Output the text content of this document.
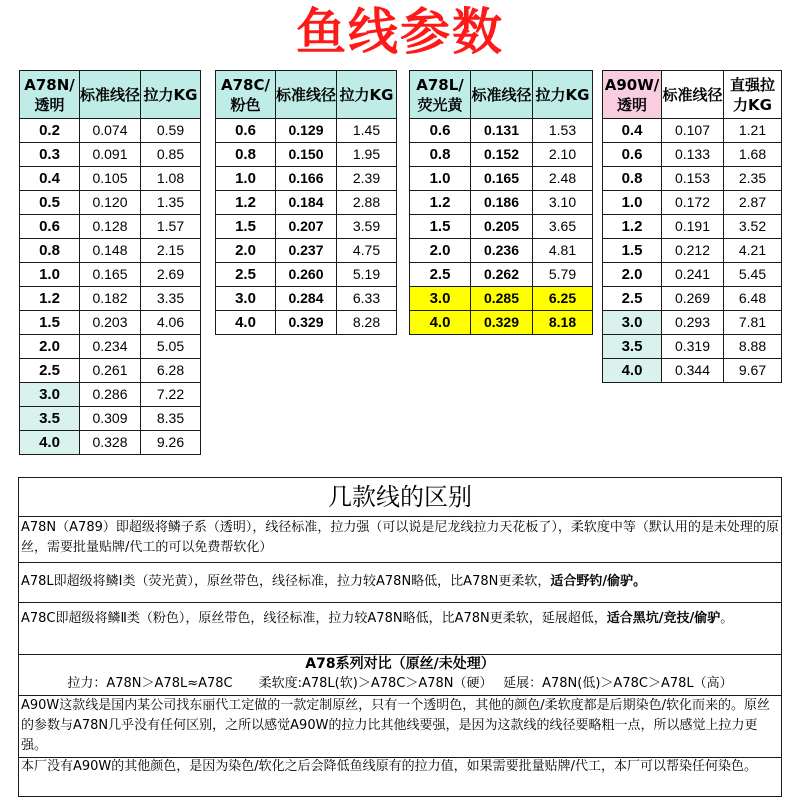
鱼线参数
A78N/透明	标准线径	拉力KG
0.2	0.074	0.59
0.3	0.091	0.85
0.4	0.105	1.08
0.5	0.120	1.35
0.6	0.128	1.57
0.8	0.148	2.15
1.0	0.165	2.69
1.2	0.182	3.35
1.5	0.203	4.06
2.0	0.234	5.05
2.5	0.261	6.28
3.0	0.286	7.22
3.5	0.309	8.35
4.0	0.328	9.26
A78C/粉色	标准线径	拉力KG
0.6	0.129	1.45
0.8	0.150	1.95
1.0	0.166	2.39
1.2	0.184	2.88
1.5	0.207	3.59
2.0	0.237	4.75
2.5	0.260	5.19
3.0	0.284	6.33
4.0	0.329	8.28
A78L/荧光黄	标准线径	拉力KG
0.6	0.131	1.53
0.8	0.152	2.10
1.0	0.165	2.48
1.2	0.186	3.10
1.5	0.205	3.65
2.0	0.236	4.81
2.5	0.262	5.79
3.0	0.285	6.25
4.0	0.329	8.18
A90W/透明	标准线径	直强拉力KG
0.4	0.107	1.21
0.6	0.133	1.68
0.8	0.153	2.35
1.0	0.172	2.87
1.2	0.191	3.52
1.5	0.212	4.21
2.0	0.241	5.45
2.5	0.269	6.48
3.0	0.293	7.81
3.5	0.319	8.88
4.0	0.344	9.67
几款线的区别
A78N（A789）即超级将鳞子系（透明），线径标准，拉力强（可以说是尼龙线拉力天花板了），柔软度中等（默认用的是未处理的原丝，需要批量贴牌/代工的可以免费帮软化）
A78L即超级将鳞Ⅰ类（荧光黄），原丝带色，线径标准，拉力较A78N略低，比A78N更柔软，适合野钓/偷驴。
A78C即超级将鳞Ⅱ类（粉色），原丝带色，线径标准，拉力较A78N略低，比A78N更柔软，延展超低，适合黑坑/竞技/偷驴。
A78系列对比（原丝/未处理）
拉力：A78N＞A78L≈A78C　　柔软度:A78L(软)＞A78C＞A78N（硬）　 延展：A78N(低)＞A78C＞A78L（高）
A90W这款线是国内某公司找东丽代工定做的一款定制原丝，只有一个透明色，其他的颜色/柔软度都是后期染色/软化而来的。原丝的参数与A78N几乎没有任何区别，之所以感觉A90W的拉力比其他线要强，是因为这款线的线径要略粗一点，所以感觉上拉力更强。
本厂没有A90W的其他颜色，是因为染色/软化之后会降低鱼线原有的拉力值，如果需要批量贴牌/代工，本厂可以帮染任何染色。
